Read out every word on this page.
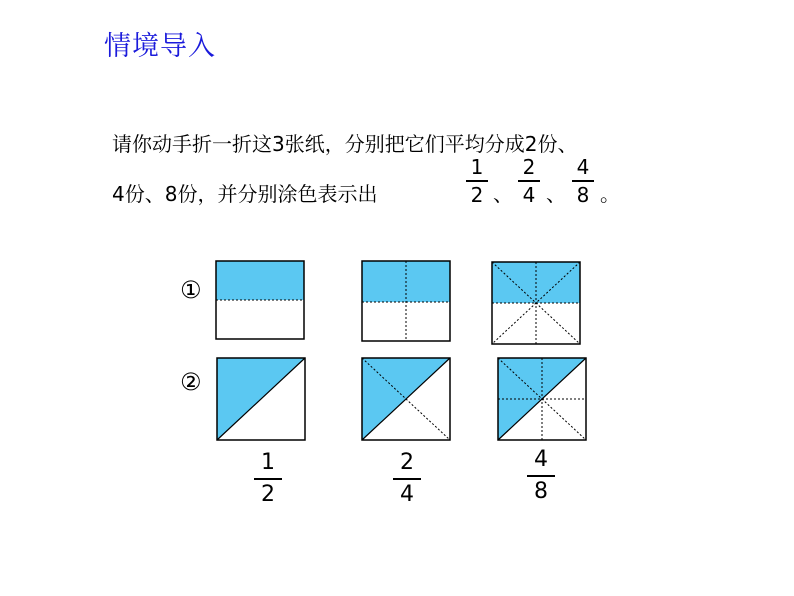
情境导入
请你动手折一折这3张纸，分别把它们平均分成2份、
4份、8份，并分别涂色表示出
1
2 、
2
4 、
4
8 。
①
②
1
2
2
4
4
8
